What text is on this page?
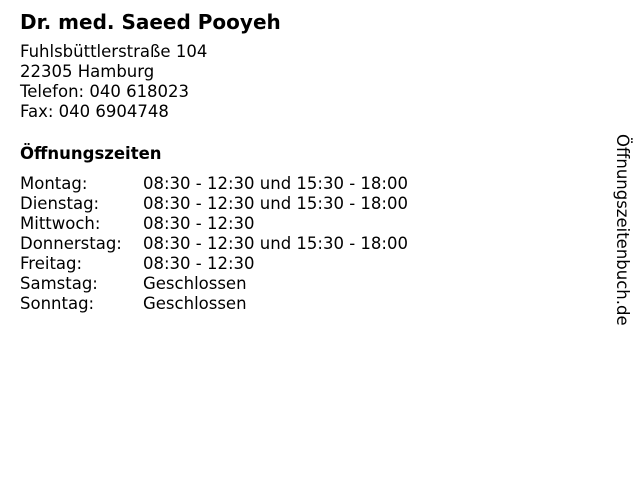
Dr. med. Saeed Pooyeh
Fuhlsbüttlerstraße 104
22305 Hamburg
Telefon: 040 618023
Fax: 040 6904748
Öffnungszeiten
Montag:	08:30 - 12:30 und 15:30 - 18:00
Dienstag:	08:30 - 12:30 und 15:30 - 18:00
Mittwoch:	08:30 - 12:30
Donnerstag:	08:30 - 12:30 und 15:30 - 18:00
Freitag:	08:30 - 12:30
Samstag:	Geschlossen
Sonntag:	Geschlossen	Öffnungszeitenbuch.de
